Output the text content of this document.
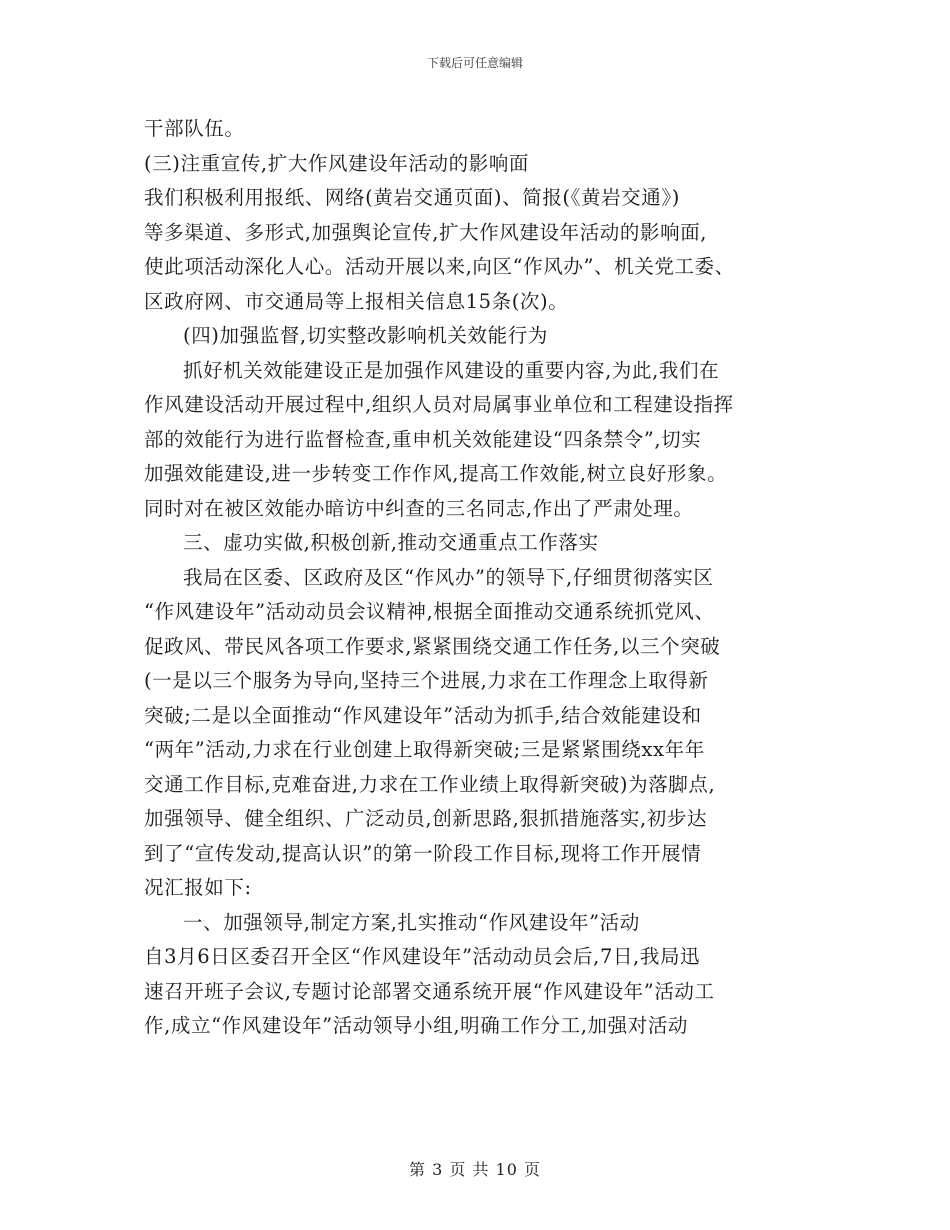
下载后可任意编辑
干部队伍。
(三)注重宣传,扩大作风建设年活动的影响面
我们积极利用报纸、网络(黄岩交通页面)、简报(《黄岩交通》)
等多渠道、多形式,加强舆论宣传,扩大作风建设年活动的影响面,
使此项活动深化人心。活动开展以来,向区“作风办”、机关党工委、
区政府网、市交通局等上报相关信息15条(次)。
(四)加强监督,切实整改影响机关效能行为
抓好机关效能建设正是加强作风建设的重要内容,为此,我们在
作风建设活动开展过程中,组织人员对局属事业单位和工程建设指挥
部的效能行为进行监督检查,重申机关效能建设“四条禁令”,切实
加强效能建设,进一步转变工作作风,提高工作效能,树立良好形象。
同时对在被区效能办暗访中纠查的三名同志,作出了严肃处理。
三、虚功实做,积极创新,推动交通重点工作落实
我局在区委、区政府及区“作风办”的领导下,仔细贯彻落实区
“作风建设年”活动动员会议精神,根据全面推动交通系统抓党风、
促政风、带民风各项工作要求,紧紧围绕交通工作任务,以三个突破
(一是以三个服务为导向,坚持三个进展,力求在工作理念上取得新
突破;二是以全面推动“作风建设年”活动为抓手,结合效能建设和
“两年”活动,力求在行业创建上取得新突破;三是紧紧围绕xx年年
交通工作目标,克难奋进,力求在工作业绩上取得新突破)为落脚点,
加强领导、健全组织、广泛动员,创新思路,狠抓措施落实,初步达
到了“宣传发动,提高认识”的第一阶段工作目标,现将工作开展情
况汇报如下:
一、加强领导,制定方案,扎实推动“作风建设年”活动
自3月6日区委召开全区“作风建设年”活动动员会后,7日,我局迅
速召开班子会议,专题讨论部署交通系统开展“作风建设年”活动工
作,成立“作风建设年”活动领导小组,明确工作分工,加强对活动
第 3 页 共 10 页
